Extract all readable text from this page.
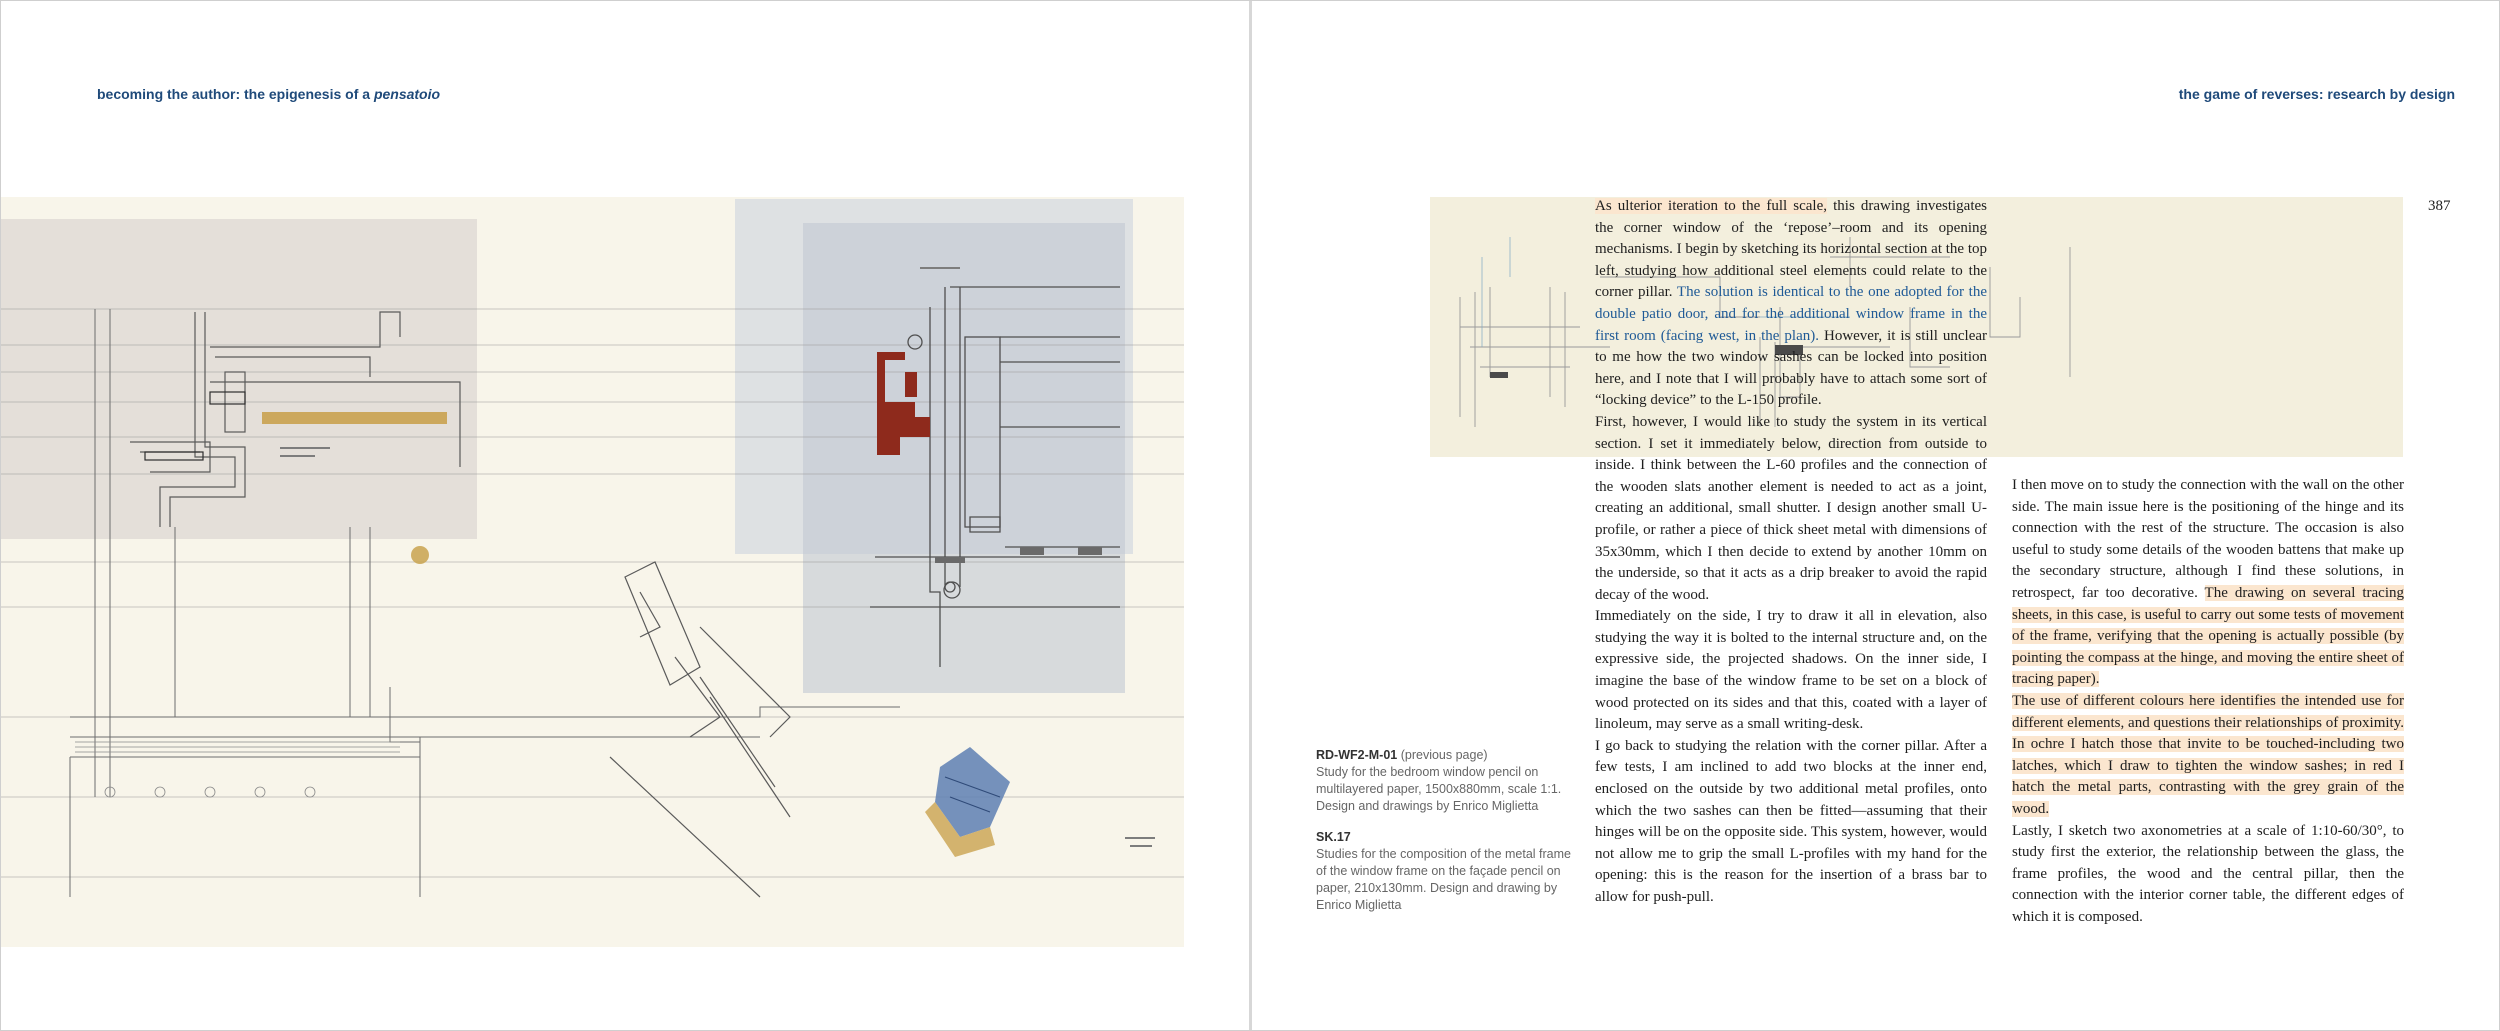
becoming the author: the epigenesis of a pensatoio	the game of reverses: research by design
387

RD-WF2-M-01 (previous page)
Study for the bedroom window pencil on multilayered paper, 1500x880mm, scale 1:1. Design and drawings by Enrico Miglietta

SK.17
Studies for the composition of the metal frame of the window frame on the façade pencil on paper, 210x130mm. Design and drawing by Enrico Miglietta

As ulterior iteration to the full scale, this drawing investigates the corner window of the ‘repose’–room and its opening mechanisms. I begin by sketching its horizontal section at the top left, studying how additional steel elements could relate to the corner pillar. The solution is identical to the one adopted for the double patio door, and for the additional window frame in the first room (facing west, in the plan). However, it is still unclear to me how the two window sashes can be locked into position here, and I note that I will probably have to attach some sort of “locking device” to the L-150 profile.

First, however, I would like to study the system in its vertical section. I set it immediately below, direction from outside to inside. I think between the L-60 profiles and the connection of the wooden slats another element is needed to act as a joint, creating an additional, small shutter. I design another small U-profile, or rather a piece of thick sheet metal with dimensions of 35x30mm, which I then decide to extend by another 10mm on the underside, so that it acts as a drip breaker to avoid the rapid decay of the wood.

Immediately on the side, I try to draw it all in elevation, also studying the way it is bolted to the internal structure and, on the expressive side, the projected shadows. On the inner side, I imagine the base of the window frame to be set on a block of wood protected on its sides and that this, coated with a layer of linoleum, may serve as a small writing-desk.

I go back to studying the relation with the corner pillar. After a few tests, I am inclined to add two blocks at the inner end, enclosed on the outside by two additional metal profiles, onto which the two sashes can then be fitted—assuming that their hinges will be on the opposite side. This system, however, would not allow me to grip the small L-profiles with my hand for the opening: this is the reason for the insertion of a brass bar to allow for push-pull.

I then move on to study the connection with the wall on the other side. The main issue here is the positioning of the hinge and its connection with the rest of the structure. The occasion is also useful to study some details of the wooden battens that make up the secondary structure, although I find these solutions, in retrospect, far too decorative. The drawing on several tracing sheets, in this case, is useful to carry out some tests of movement of the frame, verifying that the opening is actually possible (by pointing the compass at the hinge, and moving the entire sheet of tracing paper).

The use of different colours here identifies the intended use for different elements, and questions their relationships of proximity. In ochre I hatch those that invite to be touched-including two latches, which I draw to tighten the window sashes; in red I hatch the metal parts, contrasting with the grey grain of the wood.

Lastly, I sketch two axonometries at a scale of 1:10-60/30°, to study first the exterior, the relationship between the glass, the frame profiles, the wood and the central pillar, then the connection with the interior corner table, the different edges of which it is composed.
